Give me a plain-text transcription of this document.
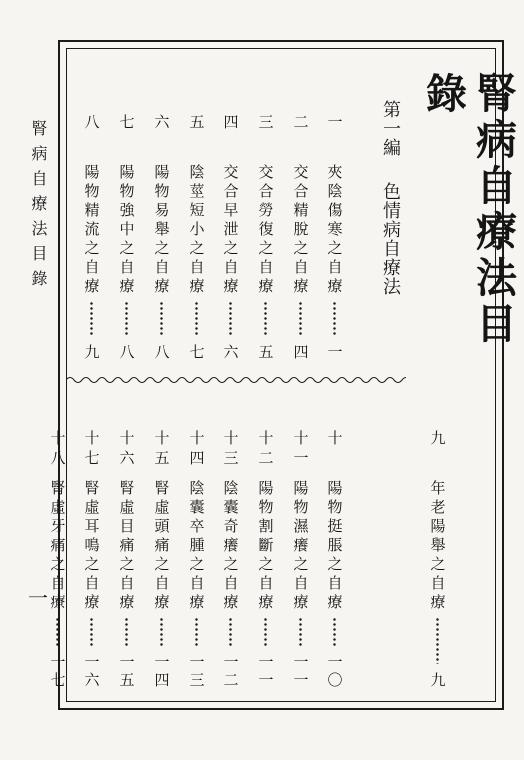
腎病自療法目錄
一
腎病自療法目錄
第一編
色情病自療法
一
夾
陰
傷
寒
之
自
療
一
二
交
合
精
脫
之
自
療
四
三
交
合
勞
復
之
自
療
五
四
交
合
早
泄
之
自
療
六
五
陰
莖
短
小
之
自
療
七
六
陽
物
易
舉
之
自
療
八
七
陽
物
強
中
之
自
療
八
八
陽
物
精
流
之
自
療
九
九
年
老
陽
舉
之
自
療
九
十
陽
物
挺
脹
之
自
療
一
〇
十
一
陽
物
濕
癢
之
自
療
一
一
十
二
陽
物
割
斷
之
自
療
一
一
十
三
陰
囊
奇
癢
之
自
療
一
二
十
四
陰
囊
卒
腫
之
自
療
一
三
十
五
腎
虛
頭
痛
之
自
療
一
四
十
六
腎
虛
目
痛
之
自
療
一
五
十
七
腎
虛
耳
鳴
之
自
療
一
六
十
八
腎
虛
牙
痛
之
自
療
一
七
